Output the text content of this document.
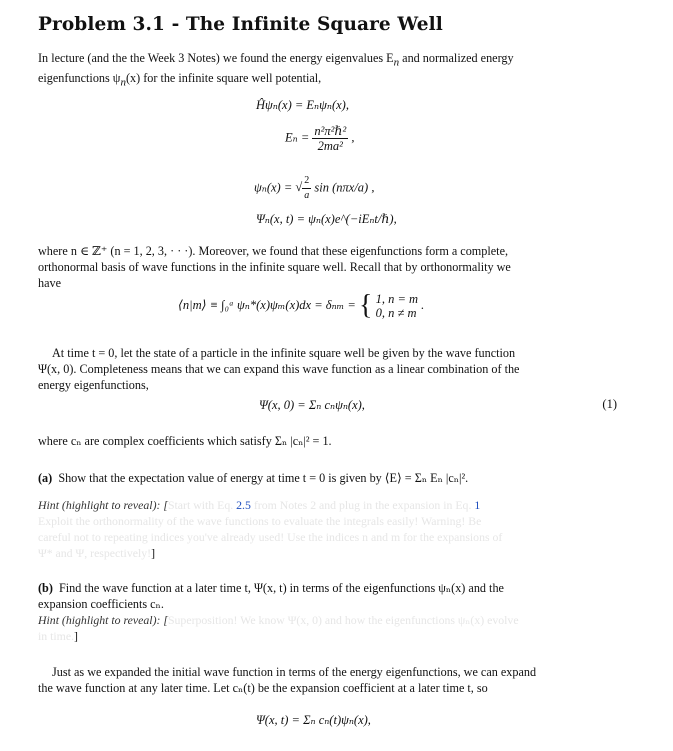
Problem 3.1 - The Infinite Square Well
In lecture (and the the Week 3 Notes) we found the energy eigenvalues $E_n$ and normalized energy
eigenfunctions $\psi_n(x)$ for the infinite square well potential,
Ĥψₙ(x) = Eₙψₙ(x),
$E_n = \frac{\text{n²π²ℏ²}}{\text{2ma²}}$ ,
ψₙ(x) = √ $\frac{2}{a}$ sin (nπx/a) ,
Ψₙ(x, t) = ψₙ(x)e^(−iEₙt/ℏ),
where n ∈ ℤ⁺ (n = 1, 2, 3, · · ·). Moreover, we found that these eigenfunctions form a complete,
orthonormal basis of wave functions in the infinite square well. Recall that by orthonormality we
have
⟨n|m⟩ ≡ ∫₀ᵃ ψₙ*(x)ψₘ(x)dx = δₙₘ = { 1, n = m
0, n ≠ m
.
At time t = 0, let the state of a particle in the infinite square well be given by the wave function
Ψ(x, 0). Completeness means that we can expand this wave function as a linear combination of the
energy eigenfunctions,
Ψ(x, 0) = Σₙ cₙψₙ(x),	(1)
where cₙ are complex coefficients which satisfy Σₙ |cₙ|² = 1.
(a) Show that the expectation value of energy at time t = 0 is given by ⟨E⟩ = Σₙ Eₙ |cₙ|².
Hint (highlight to reveal): [Start with Eq. 2.5 from Notes 2 and plug in the expansion in Eq. 1
Exploit the orthonormality of the wave functions to evaluate the integrals easily! Warning! Be
careful not to repeating indices you've already used! Use the indices n and m for the expansions of
Ψ* and Ψ, respectively!]
(b) Find the wave function at a later time t, Ψ(x, t) in terms of the eigenfunctions ψₙ(x) and the
expansion coefficients cₙ.
Hint (highlight to reveal): [Superposition! We know Ψ(x, 0) and how the eigenfunctions ψₙ(x) evolve
in time.]
Just as we expanded the initial wave function in terms of the energy eigenfunctions, we can expand
the wave function at any later time. Let cₙ(t) be the expansion coefficient at a later time t, so
Ψ(x, t) = Σₙ cₙ(t)ψₙ(x),
